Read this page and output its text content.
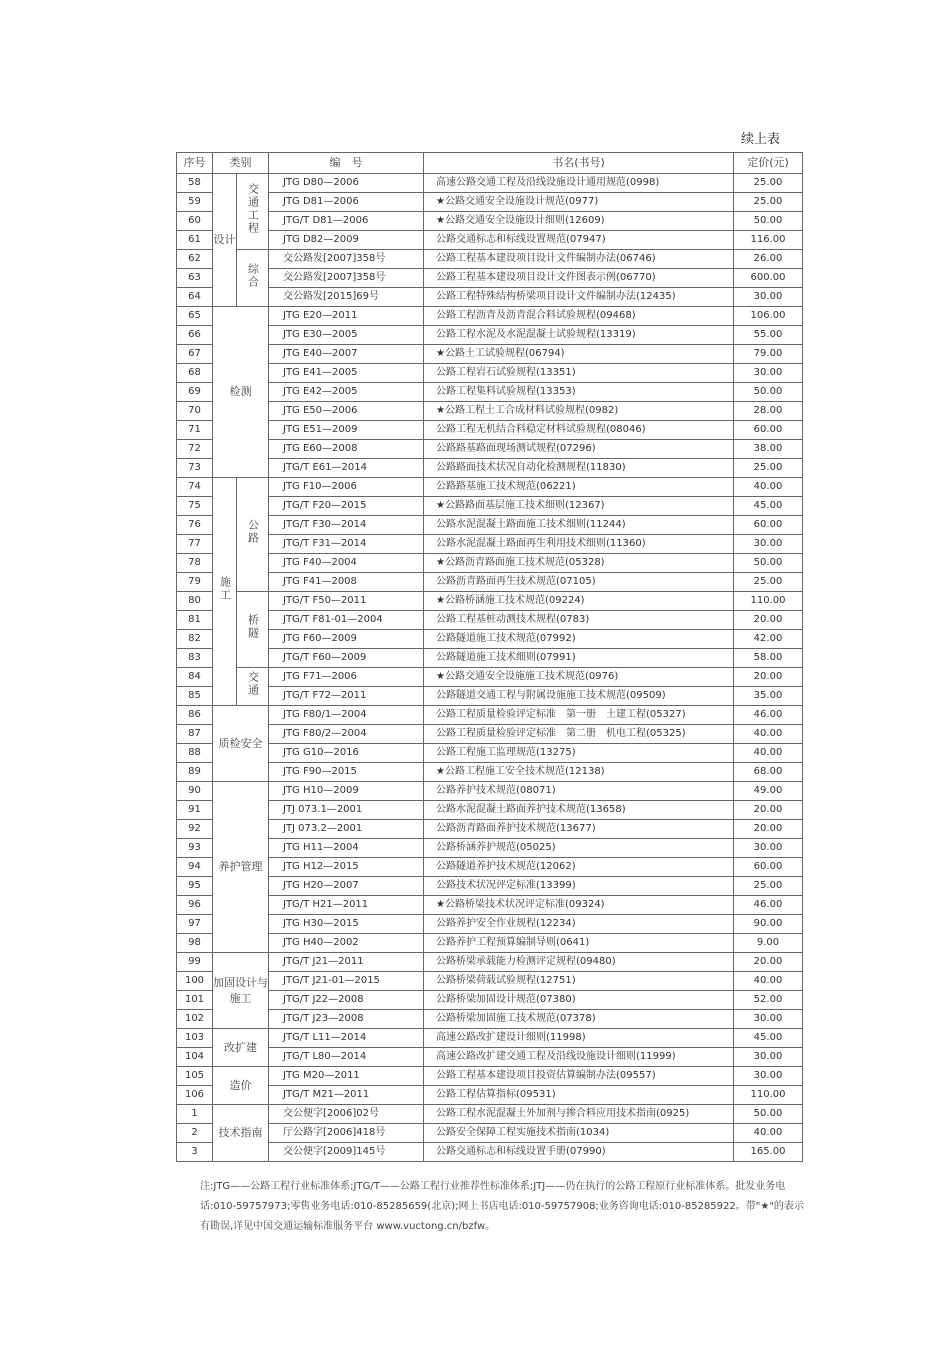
续上表
序号	类别		编　号	书名(书号)	定价(元)
58	设计	交通工程	JTG D80—2006	高速公路交通工程及沿线设施设计通用规范(0998)	25.00
59			JTG D81—2006	★公路交通安全设施设计规范(0977)	25.00
60			JTG/T D81—2006	★公路交通安全设施设计细则(12609)	50.00
61			JTG D82—2009	公路交通标志和标线设置规范(07947)	116.00
62		综合	交公路发[2007]358号	公路工程基本建设项目设计文件编制办法(06746)	26.00
63			交公路发[2007]358号	公路工程基本建设项目设计文件图表示例(06770)	600.00
64			交公路发[2015]69号	公路工程特殊结构桥梁项目设计文件编制办法(12435)	30.00
65	检测		JTG E20—2011	公路工程沥青及沥青混合料试验规程(09468)	106.00
66			JTG E30—2005	公路工程水泥及水泥混凝土试验规程(13319)	55.00
67			JTG E40—2007	★公路土工试验规程(06794)	79.00
68			JTG E41—2005	公路工程岩石试验规程(13351)	30.00
69			JTG E42—2005	公路工程集料试验规程(13353)	50.00
70			JTG E50—2006	★公路工程土工合成材料试验规程(0982)	28.00
71			JTG E51—2009	公路工程无机结合料稳定材料试验规程(08046)	60.00
72			JTG E60—2008	公路路基路面现场测试规程(07296)	38.00
73			JTG/T E61—2014	公路路面技术状况自动化检测规程(11830)	25.00
74	施工	公路	JTG F10—2006	公路路基施工技术规范(06221)	40.00
75			JTG/T F20—2015	★公路路面基层施工技术细则(12367)	45.00
76			JTG/T F30—2014	公路水泥混凝土路面施工技术细则(11244)	60.00
77			JTG/T F31—2014	公路水泥混凝土路面再生利用技术细则(11360)	30.00
78			JTG F40—2004	★公路沥青路面施工技术规范(05328)	50.00
79			JTG F41—2008	公路沥青路面再生技术规范(07105)	25.00
80		桥隧	JTG/T F50—2011	★公路桥涵施工技术规范(09224)	110.00
81			JTG/T F81-01—2004	公路工程基桩动测技术规程(0783)	20.00
82			JTG F60—2009	公路隧道施工技术规范(07992)	42.00
83			JTG/T F60—2009	公路隧道施工技术细则(07991)	58.00
84		交通	JTG F71—2006	★公路交通安全设施施工技术规范(0976)	20.00
85			JTG/T F72—2011	公路隧道交通工程与附属设施施工技术规范(09509)	35.00
86	质检安全		JTG F80/1—2004	公路工程质量检验评定标准　第一册　土建工程(05327)	46.00
87			JTG F80/2—2004	公路工程质量检验评定标准　第二册　机电工程(05325)	40.00
88			JTG G10—2016	公路工程施工监理规范(13275)	40.00
89			JTG F90—2015	★公路工程施工安全技术规范(12138)	68.00
90	养护管理		JTG H10—2009	公路养护技术规范(08071)	49.00
91			JTJ 073.1—2001	公路水泥混凝土路面养护技术规范(13658)	20.00
92			JTJ 073.2—2001	公路沥青路面养护技术规范(13677)	20.00
93			JTG H11—2004	公路桥涵养护规范(05025)	30.00
94			JTG H12—2015	公路隧道养护技术规范(12062)	60.00
95			JTG H20—2007	公路技术状况评定标准(13399)	25.00
96			JTG/T H21—2011	★公路桥梁技术状况评定标准(09324)	46.00
97			JTG H30—2015	公路养护安全作业规程(12234)	90.00
98			JTG H40—2002	公路养护工程预算编制导则(0641)	9.00
99	加固设计与施工		JTG/T J21—2011	公路桥梁承载能力检测评定规程(09480)	20.00
100			JTG/T J21-01—2015	公路桥梁荷载试验规程(12751)	40.00
101			JTG/T J22—2008	公路桥梁加固设计规范(07380)	52.00
102			JTG/T J23—2008	公路桥梁加固施工技术规范(07378)	30.00
103	改扩建		JTG/T L11—2014	高速公路改扩建设计细则(11998)	45.00
104			JTG/T L80—2014	高速公路改扩建交通工程及沿线设施设计细则(11999)	30.00
105	造价		JTG M20—2011	公路工程基本建设项目投资估算编制办法(09557)	30.00
106			JTG/T M21—2011	公路工程估算指标(09531)	110.00
1	技术指南		交公便字[2006]02号	公路工程水泥混凝土外加剂与掺合料应用技术指南(0925)	50.00
2			厅公路字[2006]418号	公路安全保障工程实施技术指南(1034)	40.00
3			交公便字[2009]145号	公路交通标志和标线设置手册(07990)	165.00
注:JTG——公路工程行业标准体系;JTG/T——公路工程行业推荐性标准体系;JTJ——仍在执行的公路工程原行业标准体系。批发业务电话:010-59757973;零售业务电话:010-85285659(北京);网上书店电话:010-59757908;业务咨询电话:010-85285922。带"★"的表示有勘误,详见中国交通运输标准服务平台 www.vuctong.cn/bzfw。
